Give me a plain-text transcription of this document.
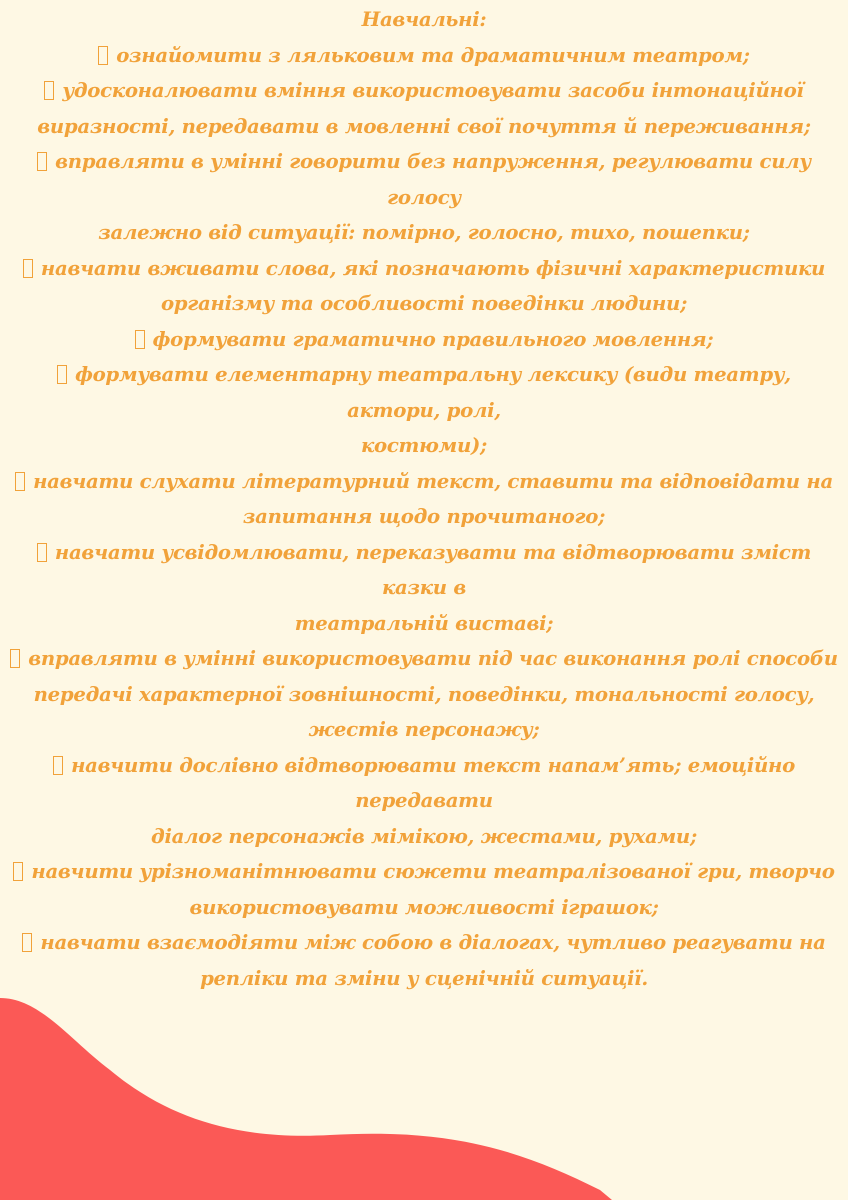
Навчальні:
ознайомити з ляльковим та драматичним театром;
удосконалювати вміння використовувати засоби інтонаційної
виразності, передавати в мовленні свої почуття й переживання;
вправляти в умінні говорити без напруження, регулювати силу
голосу
залежно від ситуації: помірно, голосно, тихо, пошепки;
навчати вживати слова, які позначають фізичні характеристики
організму та особливості поведінки людини;
формувати граматично правильного мовлення;
формувати елементарну театральну лексику (види театру,
актори, ролі,
костюми);
навчати слухати літературний текст, ставити та відповідати на
запитання щодо прочитаного;
навчати усвідомлювати, переказувати та відтворювати зміст
казки в
театральній виставі;
вправляти в умінні використовувати під час виконання ролі способи
передачі характерної зовнішності, поведінки, тональності голосу,
жестів персонажу;
навчити дослівно відтворювати текст напам’ять; емоційно
передавати
діалог персонажів мімікою, жестами, рухами;
навчити урізноманітнювати сюжети театралізованої гри, творчо
використовувати можливості іграшок;
навчати взаємодіяти між собою в діалогах, чутливо реагувати на
репліки та зміни у сценічній ситуації.
